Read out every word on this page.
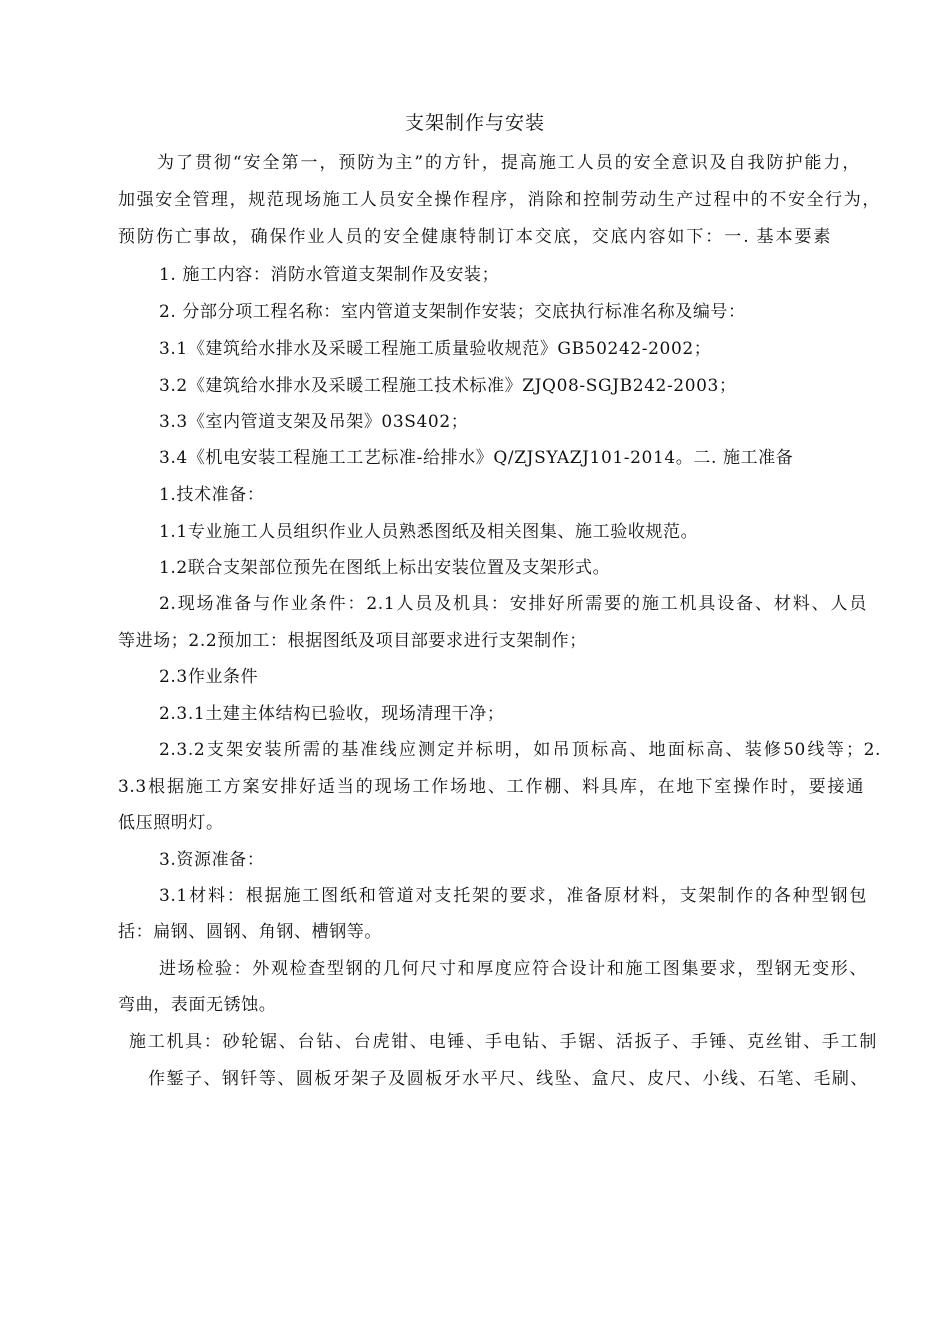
支架制作与安装
为了贯彻“安全第一，预防为主”的方针，提高施工人员的安全意识及自我防护能力，
加强安全管理，规范现场施工人员安全操作程序，消除和控制劳动生产过程中的不安全行为，
预防伤亡事故，确保作业人员的安全健康特制订本交底，交底内容如下：一. 基本要素
1. 施工内容：消防水管道支架制作及安装；
2. 分部分项工程名称：室内管道支架制作安装；交底执行标准名称及编号：
3.1《建筑给水排水及采暖工程施工质量验收规范》GB50242-2002；
3.2《建筑给水排水及采暖工程施工技术标准》ZJQ08-SGJB242-2003；
3.3《室内管道支架及吊架》03S402；
3.4《机电安装工程施工工艺标准-给排水》Q/ZJSYAZJ101-2014。二. 施工准备
1.技术准备：
1.1专业施工人员组织作业人员熟悉图纸及相关图集、施工验收规范。
1.2联合支架部位预先在图纸上标出安装位置及支架形式。
2.现场准备与作业条件：2.1人员及机具：安排好所需要的施工机具设备、材料、人员
等进场；2.2预加工：根据图纸及项目部要求进行支架制作；
2.3作业条件
2.3.1土建主体结构已验收，现场清理干净；
2.3.2支架安装所需的基准线应测定并标明，如吊顶标高、地面标高、装修50线等；2.
3.3根据施工方案安排好适当的现场工作场地、工作棚、料具库，在地下室操作时，要接通
低压照明灯。
3.资源准备：
3.1材料：根据施工图纸和管道对支托架的要求，准备原材料，支架制作的各种型钢包
括：扁钢、圆钢、角钢、槽钢等。
进场检验：外观检查型钢的几何尺寸和厚度应符合设计和施工图集要求，型钢无变形、
弯曲，表面无锈蚀。
施工机具：砂轮锯、台钻、台虎钳、电锤、手电钻、手锯、活扳子、手锤、克丝钳、手工制
作錾子、钢钎等、圆板牙架子及圆板牙水平尺、线坠、盒尺、皮尺、小线、石笔、毛刷、
